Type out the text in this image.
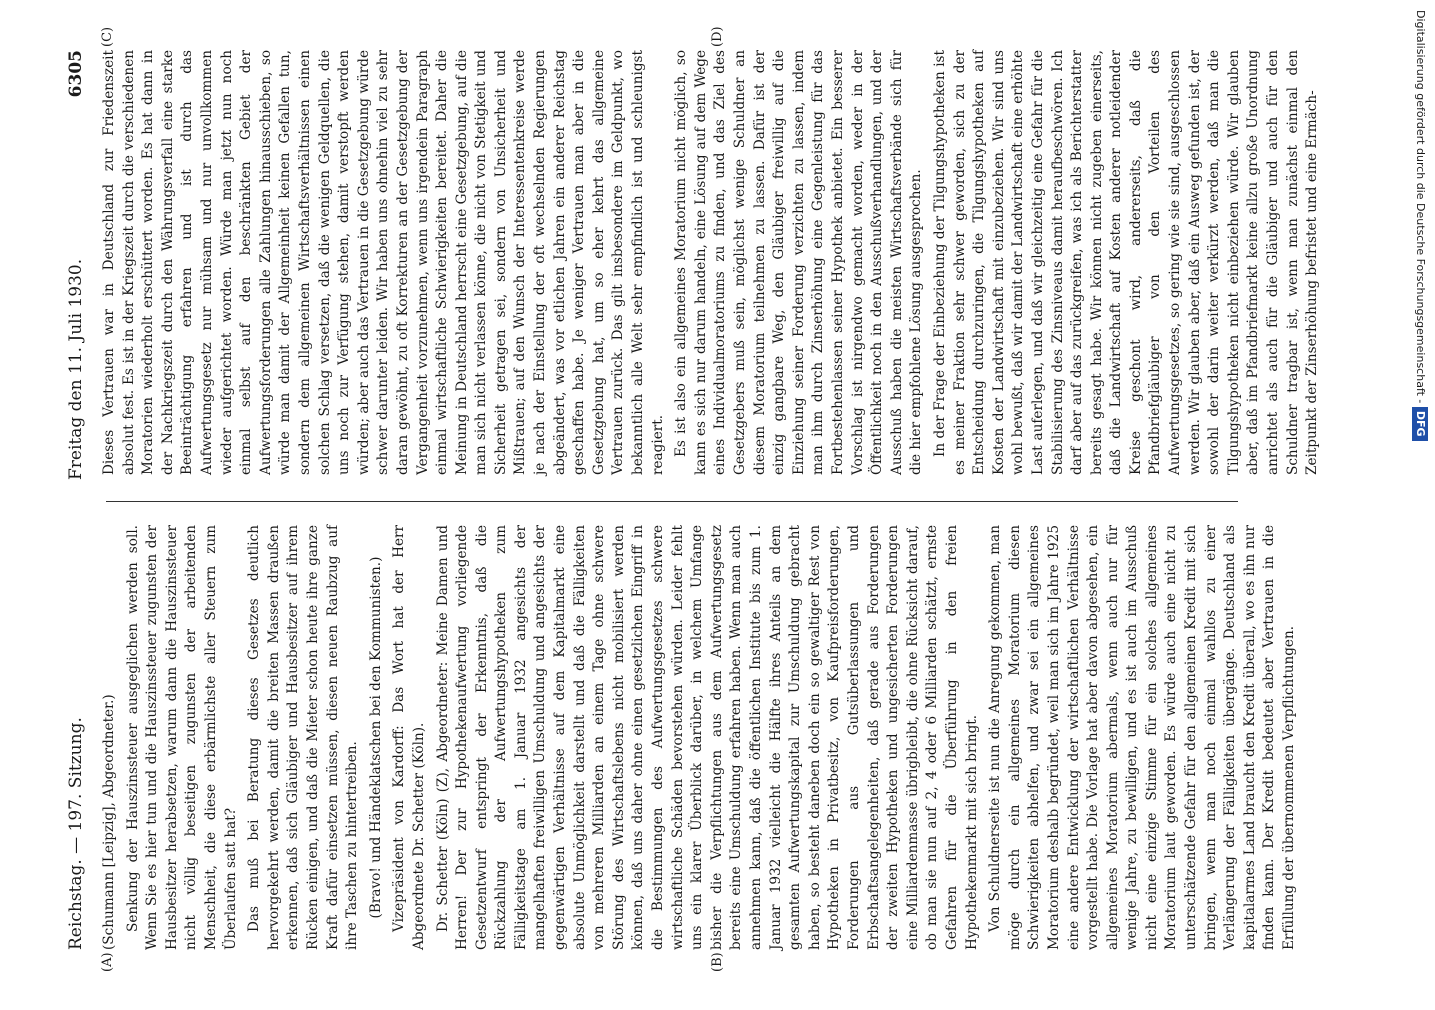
Reichstag. — 197. Sitzung.
Freitag den 11. Juli 1930.
6305
(A)	(B)
(C)	(D)

(Schumann [Leipzig], Abgeordneter.) Senkung der Hauszinssteuer ausgeglichen werden soll. Wenn Sie es hier tun und die Hauszinssteuer zugunsten der Hausbesitzer herabsetzen, warum dann die Hauszinssteuer nicht völlig beseitigen zugunsten der arbeitenden Menschheit, die diese erbärmlichste aller Steuern zum Überlaufen satt hat? Das muß bei Beratung dieses Gesetzes deutlich hervorgekehrt werden, damit die breiten Massen draußen erkennen, daß sich Gläubiger und Hausbesitzer auf ihrem Rücken einigen, und daß die Mieter schon heute ihre ganze Kraft dafür einsetzen müssen, diesen neuen Raubzug auf ihre Taschen zu hintertreiben. (Bravo! und Händeklatschen bei den Kommunisten.) Vizepräsident von Kardorff: Das Wort hat der Herr Abgeordnete Dr. Schetter (Köln). Dr. Schetter (Köln) (Z), Abgeordneter: Meine Damen und Herren! Der zur Hypothekenaufwertung vorliegende Gesetzentwurf entspringt der Erkenntnis, daß die Rückzahlung der Aufwertungshypotheken zum Fälligkeitstage am 1. Januar 1932 angesichts der mangelhaften freiwilligen Umschuldung und angesichts der gegenwärtigen Verhältnisse auf dem Kapitalmarkt eine absolute Unmöglichkeit darstellt und daß die Fälligkeiten von mehreren Milliarden an einem Tage ohne schwere Störung des Wirtschaftslebens nicht mobilisiert werden können, daß uns daher ohne einen gesetzlichen Eingriff in die Bestimmungen des Aufwertungsgesetzes schwere wirtschaftliche Schäden bevorstehen würden. Leider fehlt uns ein klarer Überblick darüber, in welchem Umfange bisher die Verpflichtungen aus dem Aufwertungsgesetz bereits eine Umschuldung erfahren haben. Wenn man auch annehmen kann, daß die öffentlichen Institute bis zum 1. Januar 1932 vielleicht die Hälfte ihres Anteils an dem gesamten Aufwertungskapital zur Umschuldung gebracht haben, so besteht daneben doch ein so gewaltiger Rest von Hypotheken in Privatbesitz, von Kaufpreisforderungen, Forderungen aus Gutsüberlassungen und Erbschaftsangelegenheiten, daß gerade aus Forderungen der zweiten Hypotheken und ungesicherten Forderungen eine Milliardenmasse übrigbleibt, die ohne Rücksicht darauf, ob man sie nun auf 2, 4 oder 6 Milliarden schätzt, ernste Gefahren für die Überführung in den freien Hypothekenmarkt mit sich bringt. Von Schuldnerseite ist nun die Anregung gekommen, man möge durch ein allgemeines Moratorium diesen Schwierigkeiten abhelfen, und zwar sei ein allgemeines Moratorium deshalb begründet, weil man sich im Jahre 1925 eine andere Entwicklung der wirtschaftlichen Verhältnisse vorgestellt habe. Die Vorlage hat aber davon abgesehen, ein allgemeines Moratorium abermals, wenn auch nur für wenige Jahre, zu bewilligen, und es ist auch im Ausschuß nicht eine einzige Stimme für ein solches allgemeines Moratorium laut geworden. Es würde auch eine nicht zu unterschätzende Gefahr für den allgemeinen Kredit mit sich bringen, wenn man noch einmal wahllos zu einer Verlängerung der Fälligkeiten übergänge. Deutschland als kapitalarmes Land braucht den Kredit überall, wo es ihn nur finden kann. Der Kredit bedeutet aber Vertrauen in die Erfüllung der übernommenen Verpflichtungen.

Dieses Vertrauen war in Deutschland zur Friedenszeit absolut fest. Es ist in der Kriegszeit durch die verschiedenen Moratorien wiederholt erschüttert worden. Es hat dann in der Nachkriegszeit durch den Währungsverfall eine starke Beeinträchtigung erfahren und ist durch das Aufwertungsgesetz nur mühsam und nur unvollkommen wieder aufgerichtet worden. Würde man jetzt nun noch einmal selbst auf den beschränkten Gebiet der Aufwertungsforderungen alle Zahlungen hinausschieben, so würde man damit der Allgemeinheit keinen Gefallen tun, sondern dem allgemeinen Wirtschaftsverhältnissen einen solchen Schlag versetzen, daß die wenigen Geldquellen, die uns noch zur Verfügung stehen, damit verstopft werden würden; aber auch das Vertrauen in die Gesetzgebung würde schwer darunter leiden. Wir haben uns ohnehin viel zu sehr daran gewöhnt, zu oft Korrekturen an der Gesetzgebung der Vergangenheit vorzunehmen, wenn uns irgendein Paragraph einmal wirtschaftliche Schwierigkeiten bereitet. Daher die Meinung in Deutschland herrscht eine Gesetzgebung, auf die man sich nicht verlassen könne, die nicht von Stetigkeit und Sicherheit getragen sei, sondern von Unsicherheit und Mißtrauen; auf den Wunsch der Interessentenkreise werde je nach der Einstellung der oft wechselnden Regierungen abgeändert, was vor etlichen Jahren ein anderer Reichstag geschaffen habe. Je weniger Vertrauen man aber in die Gesetzgebung hat, um so eher kehrt das allgemeine Vertrauen zurück. Das gilt insbesondere im Geldpunkt, wo bekanntlich alle Welt sehr empfindlich ist und schleunigst reagiert. Es ist also ein allgemeines Moratorium nicht möglich, so kann es sich nur darum handeln, eine Lösung auf dem Wege eines Individualmoratoriums zu finden, und das Ziel des Gesetzgebers muß sein, möglichst wenige Schuldner an diesem Moratorium teilnehmen zu lassen. Dafür ist der einzig gangbare Weg, den Gläubiger freiwillig auf die Einziehung seiner Forderung verzichten zu lassen, indem man ihm durch Zinserhöhung eine Gegenleistung für das Fortbestehenlassen seiner Hypothek anbietet. Ein besserer Vorschlag ist nirgendwo gemacht worden, weder in der Öffentlichkeit noch in den Ausschußverhandlungen, und der Ausschuß haben die meisten Wirtschaftsverbände sich für die hier empfohlene Lösung ausgesprochen. In der Frage der Einbeziehung der Tilgungshypotheken ist es meiner Fraktion sehr schwer geworden, sich zu der Entscheidung durchzuringen, die Tilgungshypotheken auf Kosten der Landwirtschaft mit einzubeziehen. Wir sind uns wohl bewußt, daß wir damit der Landwirtschaft eine erhöhte Last auferlegen, und daß wir gleichzeitig eine Gefahr für die Stabilisierung des Zinsniveaus damit heraufbeschwören. Ich darf aber auf das zurückgreifen, was ich als Berichterstatter bereits gesagt habe. Wir können nicht zugeben einerseits, daß die Landwirtschaft auf Kosten anderer notleidender Kreise geschont wird, andererseits, daß die Pfandbriefgläubiger von den Vorteilen des Aufwertungsgesetzes, so gering wie sie sind, ausgeschlossen werden. Wir glauben aber, daß ein Ausweg gefunden ist, der sowohl der darin weiter verkürzt werden, daß man die Tilgungshypotheken nicht einbeziehen würde. Wir glauben aber, daß im Pfandbriefmarkt keine allzu große Unordnung anrichtet als auch für die Gläubiger und auch für den Schuldner tragbar ist, wenn man zunächst einmal den Zeitpunkt der Zinserhöhung befristet und eine Ermäch-	Digitalisierung gefördert durch die Deutsche Forschungsgemeinschaft - DFG
